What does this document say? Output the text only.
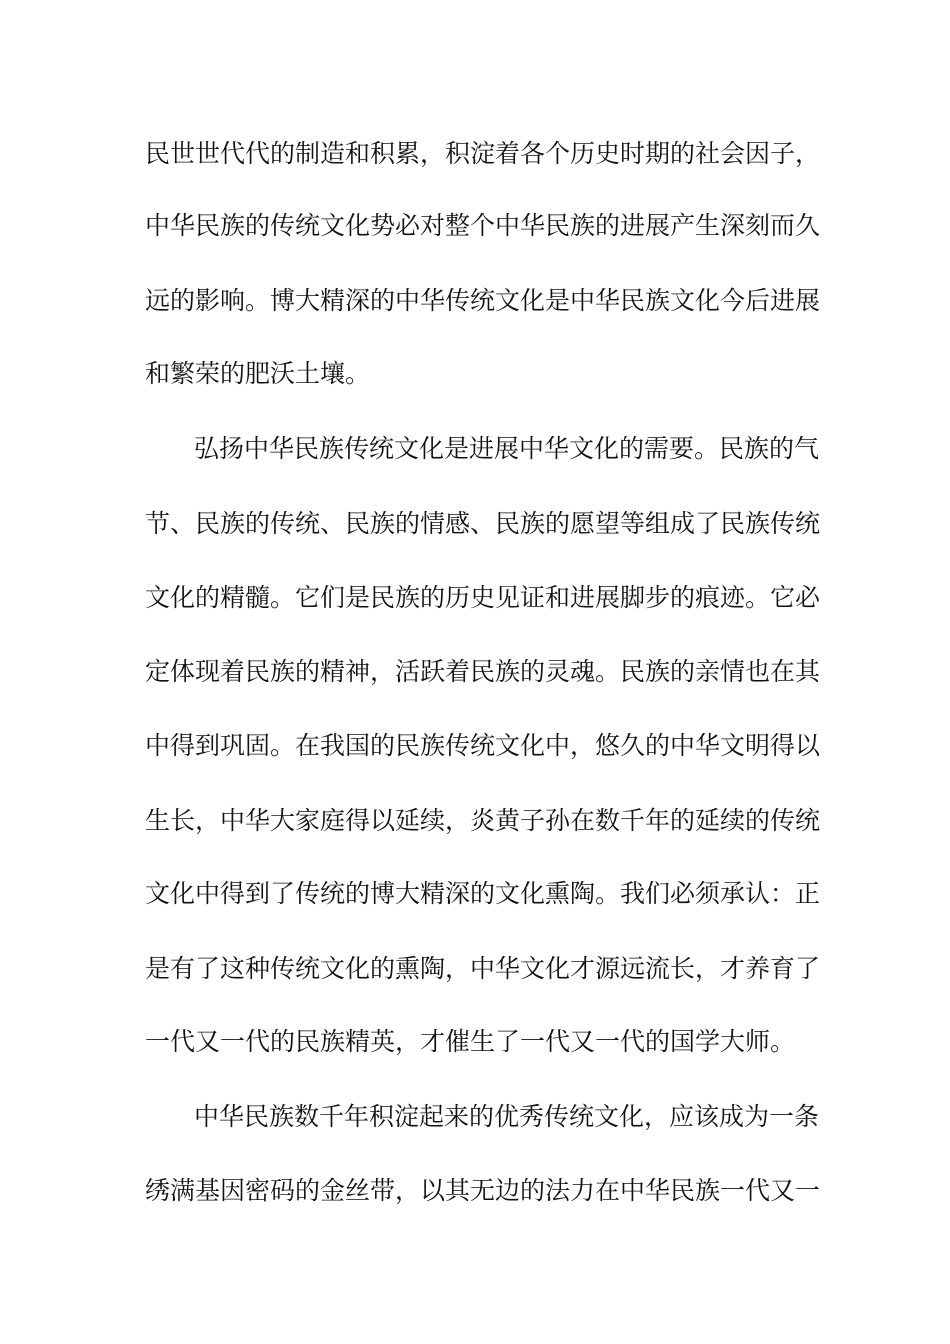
民世世代代的制造和积累，积淀着各个历史时期的社会因子，
中华民族的传统文化势必对整个中华民族的进展产生深刻而久
远的影响。博大精深的中华传统文化是中华民族文化今后进展
和繁荣的肥沃土壤。
弘扬中华民族传统文化是进展中华文化的需要。民族的气
节、民族的传统、民族的情感、民族的愿望等组成了民族传统
文化的精髓。它们是民族的历史见证和进展脚步的痕迹。它必
定体现着民族的精神，活跃着民族的灵魂。民族的亲情也在其
中得到巩固。在我国的民族传统文化中，悠久的中华文明得以
生长，中华大家庭得以延续，炎黄子孙在数千年的延续的传统
文化中得到了传统的博大精深的文化熏陶。我们必须承认：正
是有了这种传统文化的熏陶，中华文化才源远流长，才养育了
一代又一代的民族精英，才催生了一代又一代的国学大师。
中华民族数千年积淀起来的优秀传统文化，应该成为一条
绣满基因密码的金丝带，以其无边的法力在中华民族一代又一
